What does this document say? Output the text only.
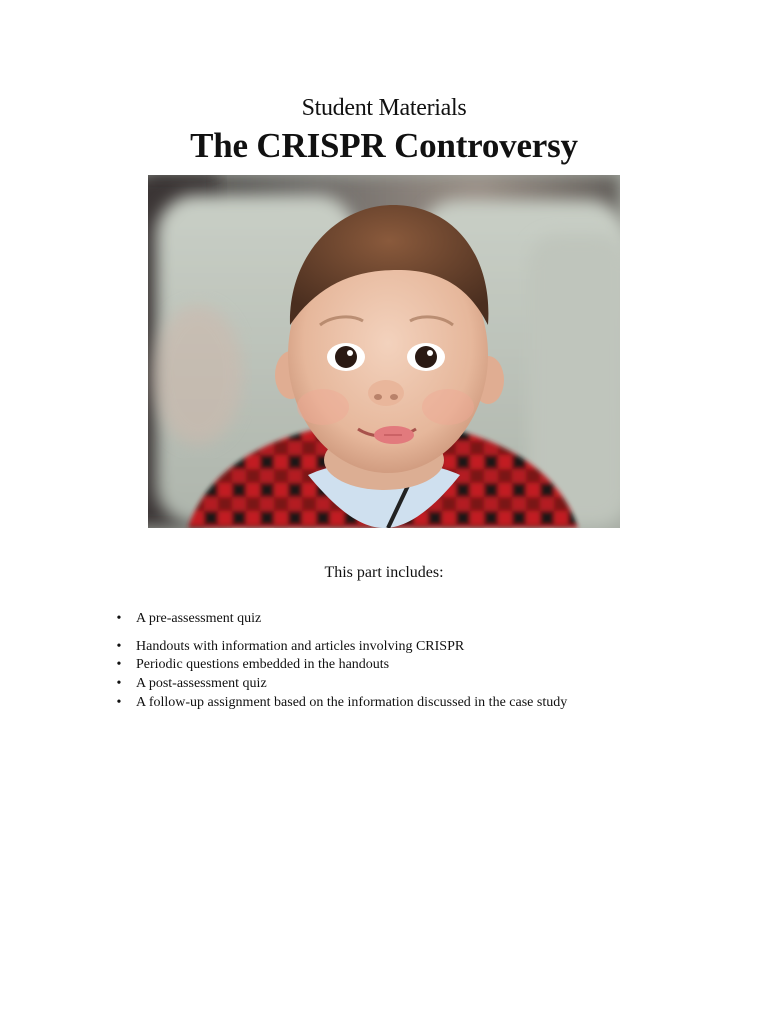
Student Materials
The CRISPR Controversy
This part includes:
•	A pre-assessment quiz
•	Handouts with information and articles involving CRISPR
•	Periodic questions embedded in the handouts
•	A post-assessment quiz
•	A follow-up assignment based on the information discussed in the case study
